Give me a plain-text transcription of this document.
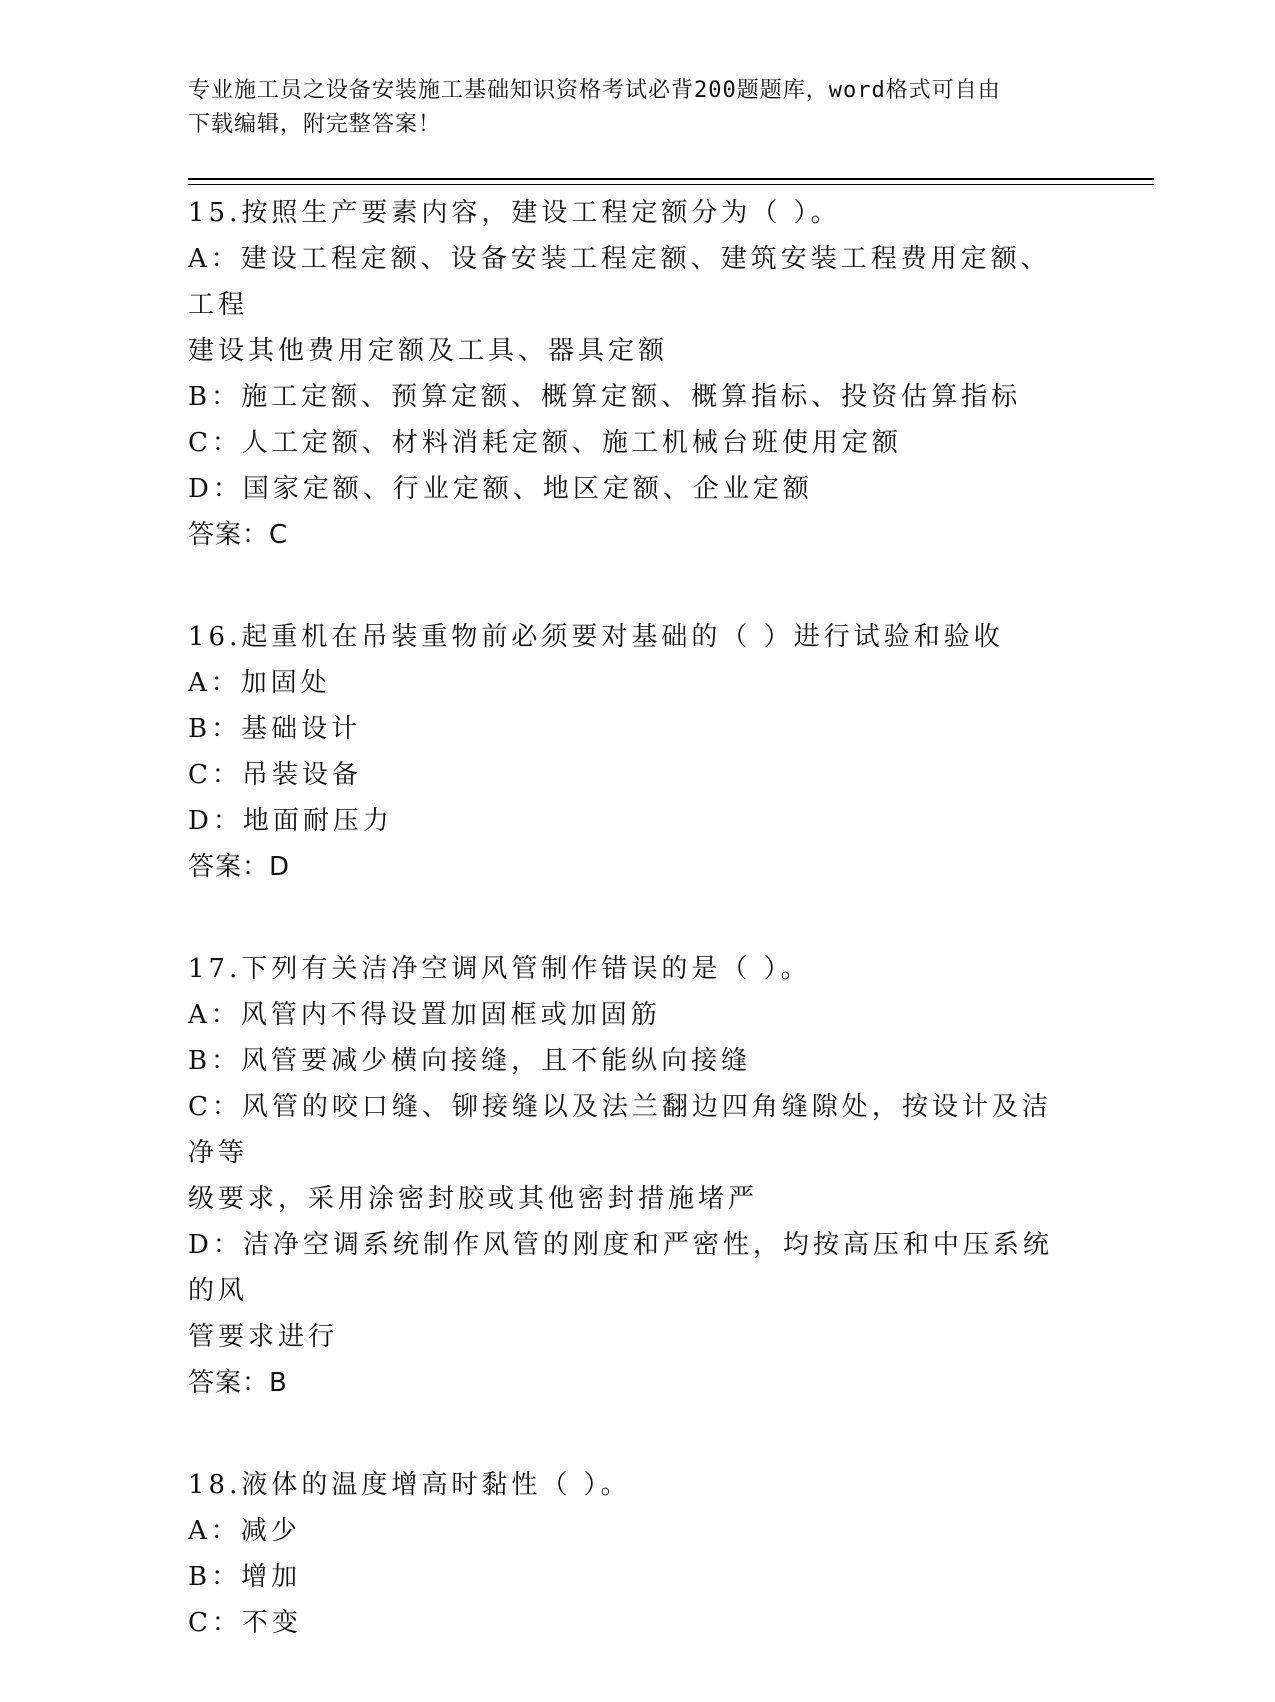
专业施工员之设备安装施工基础知识资格考试必背200题题库，word格式可自由
下载编辑，附完整答案！
15.按照生产要素内容，建设工程定额分为（ ）。
A：建设工程定额、设备安装工程定额、建筑安装工程费用定额、工程
建设其他费用定额及工具、器具定额
B：施工定额、预算定额、概算定额、概算指标、投资估算指标
C：人工定额、材料消耗定额、施工机械台班使用定额
D：国家定额、行业定额、地区定额、企业定额
答案：C
16.起重机在吊装重物前必须要对基础的（ ）进行试验和验收
A：加固处
B：基础设计
C：吊装设备
D：地面耐压力
答案：D
17.下列有关洁净空调风管制作错误的是（ ）。
A：风管内不得设置加固框或加固筋
B：风管要减少横向接缝，且不能纵向接缝
C：风管的咬口缝、铆接缝以及法兰翻边四角缝隙处，按设计及洁净等
级要求，采用涂密封胶或其他密封措施堵严
D：洁净空调系统制作风管的刚度和严密性，均按高压和中压系统的风
管要求进行
答案：B
18.液体的温度增高时黏性（ ）。
A：减少
B：增加
C：不变
